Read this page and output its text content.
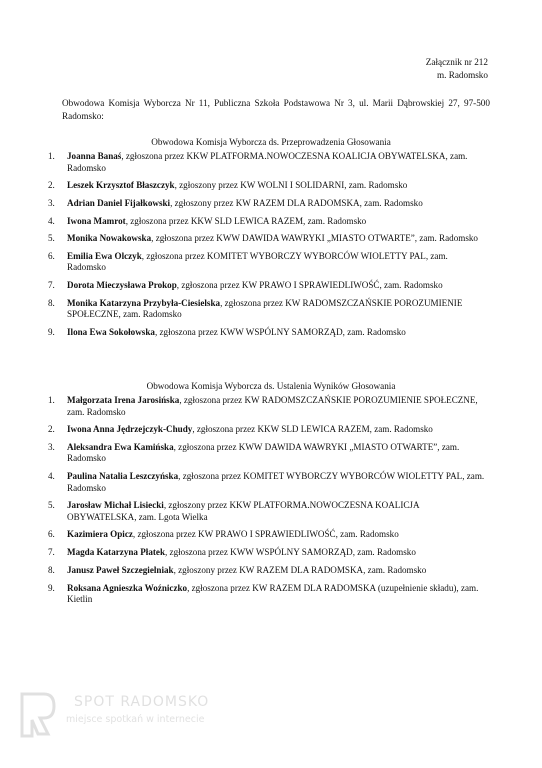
Załącznik nr 212
m. Radomsko
Obwodowa Komisja Wyborcza Nr 11, Publiczna Szkoła Podstawowa Nr 3, ul. Marii Dąbrowskiej 27, 97-500 Radomsko:
Obwodowa Komisja Wyborcza ds. Przeprowadzenia Głosowania
1.	Joanna Banaś, zgłoszona przez KKW PLATFORMA.NOWOCZESNA KOALICJA OBYWATELSKA, zam. Radomsko
2.	Leszek Krzysztof Błaszczyk, zgłoszony przez KW WOLNI I SOLIDARNI, zam. Radomsko
3.	Adrian Daniel Fijałkowski, zgłoszony przez KW RAZEM DLA RADOMSKA, zam. Radomsko
4.	Iwona Mamrot, zgłoszona przez KKW SLD LEWICA RAZEM, zam. Radomsko
5.	Monika Nowakowska, zgłoszona przez KWW DAWIDA WAWRYKI „MIASTO OTWARTE”, zam. Radomsko
6.	Emilia Ewa Olczyk, zgłoszona przez KOMITET WYBORCZY WYBORCÓW WIOLETTY PAL, zam. Radomsko
7.	Dorota Mieczysława Prokop, zgłoszona przez KW PRAWO I SPRAWIEDLIWOŚĆ, zam. Radomsko
8.	Monika Katarzyna Przybyła-Ciesielska, zgłoszona przez KW RADOMSZCZAŃSKIE POROZUMIENIE SPOŁECZNE, zam. Radomsko
9.	Ilona Ewa Sokołowska, zgłoszona przez KWW WSPÓLNY SAMORZĄD, zam. Radomsko
Obwodowa Komisja Wyborcza ds. Ustalenia Wyników Głosowania
1.	Małgorzata Irena Jarosińska, zgłoszona przez KW RADOMSZCZAŃSKIE POROZUMIENIE SPOŁECZNE, zam. Radomsko
2.	Iwona Anna Jędrzejczyk-Chudy, zgłoszona przez KKW SLD LEWICA RAZEM, zam. Radomsko
3.	Aleksandra Ewa Kamińska, zgłoszona przez KWW DAWIDA WAWRYKI „MIASTO OTWARTE”, zam. Radomsko
4.	Paulina Natalia Leszczyńska, zgłoszona przez KOMITET WYBORCZY WYBORCÓW WIOLETTY PAL, zam. Radomsko
5.	Jarosław Michał Lisiecki, zgłoszony przez KKW PLATFORMA.NOWOCZESNA KOALICJA OBYWATELSKA, zam. Lgota Wielka
6.	Kazimiera Opicz, zgłoszona przez KW PRAWO I SPRAWIEDLIWOŚĆ, zam. Radomsko
7.	Magda Katarzyna Płatek, zgłoszona przez KWW WSPÓLNY SAMORZĄD, zam. Radomsko
8.	Janusz Paweł Szczegielniak, zgłoszony przez KW RAZEM DLA RADOMSKA, zam. Radomsko
9.	Roksana Agnieszka Woźniczko, zgłoszona przez KW RAZEM DLA RADOMSKA (uzupełnienie składu), zam. Kietlin
SPOT RADOMSKO
miejsce spotkań w internecie
